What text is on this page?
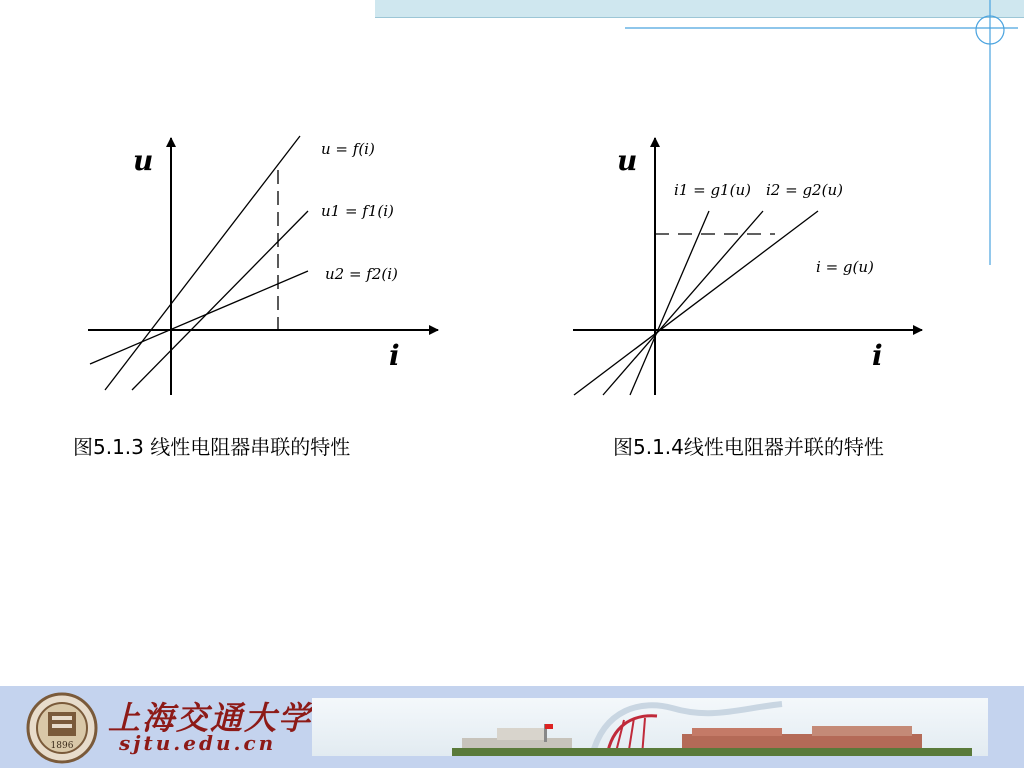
u
i
u = f(i)
u1 = f1(i)
u2 = f2(i)
u
i
i1 = g1(u) i2 = g2(u)
i = g(u)
图5.1.3 线性电阻器串联的特性	图5.1.4线性电阻器并联的特性
1896
上海交通大学
sjtu.edu.cn
